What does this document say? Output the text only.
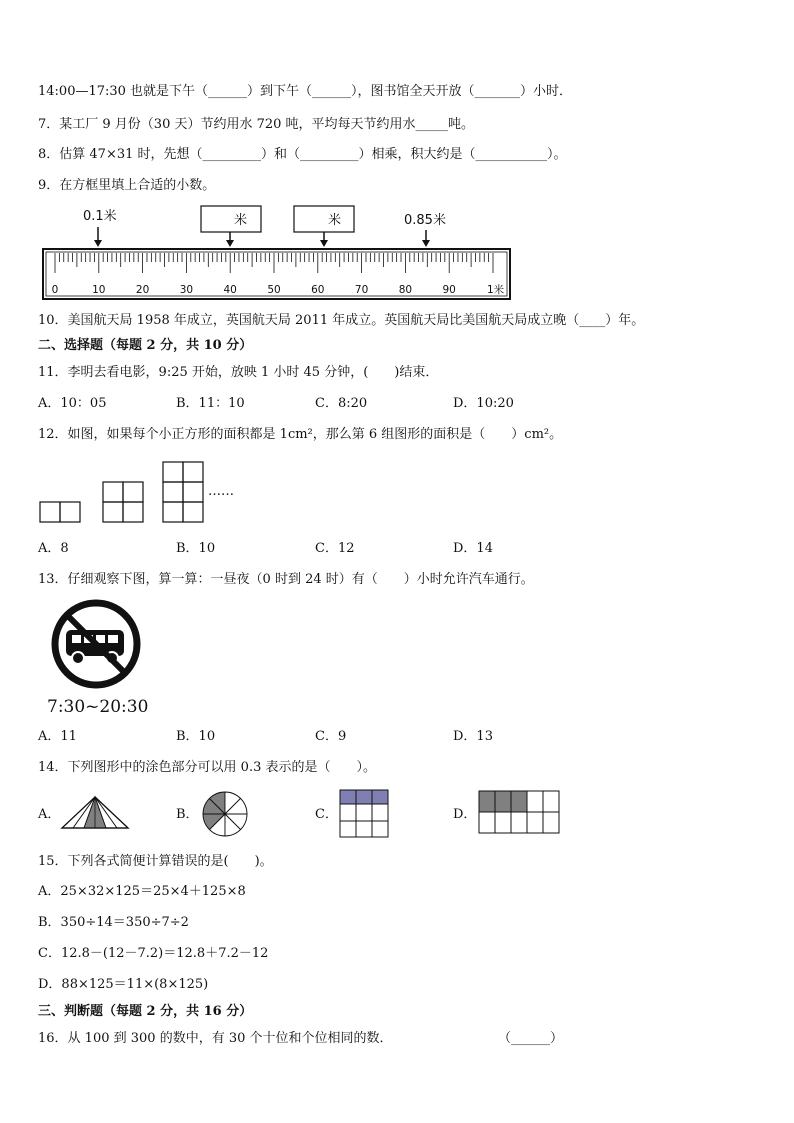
14:00—17:30 也就是下午（______）到下午（______），图书馆全天开放（_______）小时．
7．某工厂 9 月份（30 天）节约用水 720 吨，平均每天节约用水_____吨。
8．估算 47×31 时，先想（_________）和（_________）相乘，积大约是（___________）。
9．在方框里填上合适的小数。
0.1米	米	米	0.85米
0	10	20	30	40	50	60	70	80	90	1米
10．美国航天局 1958 年成立，英国航天局 2011 年成立。英国航天局比美国航天局成立晚（____）年。
二、选择题（每题 2 分，共 10 分）
11．李明去看电影，9:25 开始，放映 1 小时 45 分钟，(　　)结束．
A．10：05	B．11：10	C．8:20	D．10:20
12．如图，如果每个小正方形的面积都是 1cm²，那么第 6 组图形的面积是（　　）cm²。
……
A．8	B．10	C．12	D．14
13．仔细观察下图，算一算：一昼夜（0 时到 24 时）有（　　）小时允许汽车通行。
7:30~20:30
A．11	B．10	C．9	D．13
14．下列图形中的涂色部分可以用 0.3 表示的是（　　）。
A．	B．	C．	D．
15．下列各式简便计算错误的是(　　)。
A．25×32×125＝25×4＋125×8
B．350÷14＝350÷7÷2
C．12.8－(12－7.2)＝12.8＋7.2－12
D．88×125＝11×(8×125)
三、判断题（每题 2 分，共 16 分）
16．从 100 到 300 的数中，有 30 个十位和个位相同的数．	（______）
